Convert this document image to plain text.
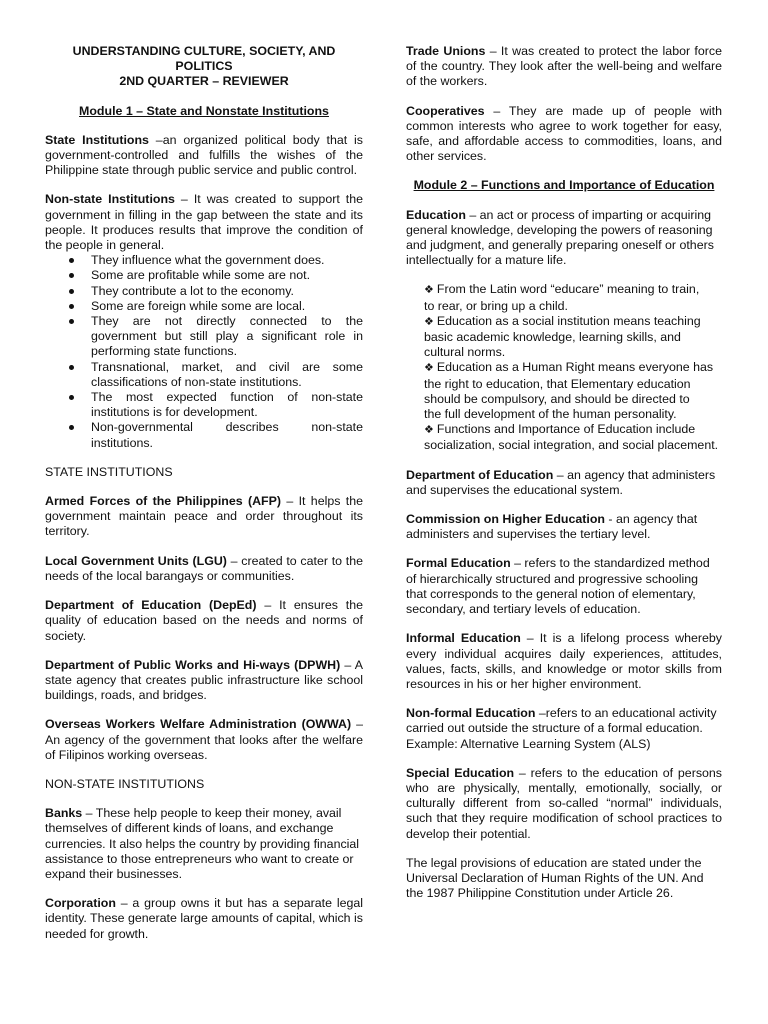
UNDERSTANDING CULTURE, SOCIETY, AND
POLITICS
2ND QUARTER – REVIEWER
Module 1 – State and Nonstate Institutions

State Institutions –an organized political body that is government-controlled and fulfills the wishes of the Philippine state through public service and public control.

Non-state Institutions – It was created to support the government in filling in the gap between the state and its people. It produces results that improve the condition of the people in general.

They influence what the government does.
Some are profitable while some are not.
They contribute a lot to the economy.
Some are foreign while some are local.
They are not directly connected to the government but still play a significant role in performing state functions.
Transnational, market, and civil are some classifications of non-state institutions.
The most expected function of non-state institutions is for development.
Non-governmental describes non-state institutions.
STATE INSTITUTIONS

Armed Forces of the Philippines (AFP) – It helps the government maintain peace and order throughout its territory.

Local Government Units (LGU) – created to cater to the needs of the local barangays or communities.

Department of Education (DepEd) – It ensures the quality of education based on the needs and norms of society.

Department of Public Works and Hi-ways (DPWH) – A state agency that creates public infrastructure like school buildings, roads, and bridges.

Overseas Workers Welfare Administration (OWWA) – An agency of the government that looks after the welfare of Filipinos working overseas.

NON-STATE INSTITUTIONS

Banks – These help people to keep their money, avail themselves of different kinds of loans, and exchange currencies. It also helps the country by providing financial assistance to those entrepreneurs who want to create or expand their businesses.

Corporation – a group owns it but has a separate legal identity. These generate large amounts of capital, which is needed for growth.

Trade Unions – It was created to protect the labor force of the country. They look after the well-being and welfare of the workers.

Cooperatives – They are made up of people with common interests who agree to work together for easy, safe, and affordable access to commodities, loans, and other services.

Module 2 – Functions and Importance of Education

Education – an act or process of imparting or acquiring general knowledge, developing the powers of reasoning and judgment, and generally preparing oneself or others intellectually for a mature life.

❖ From the Latin word “educare” meaning to train,
to rear, or bring up a child.
❖ Education as a social institution means teaching
basic academic knowledge, learning skills, and
cultural norms.
❖ Education as a Human Right means everyone has
the right to education, that Elementary education
should be compulsory, and should be directed to
the full development of the human personality.
❖ Functions and Importance of Education include
socialization, social integration, and social placement.

Department of Education – an agency that administers and supervises the educational system.

Commission on Higher Education - an agency that administers and supervises the tertiary level.

Formal Education – refers to the standardized method of hierarchically structured and progressive schooling that corresponds to the general notion of elementary, secondary, and tertiary levels of education.

Informal Education – It is a lifelong process whereby every individual acquires daily experiences, attitudes, values, facts, skills, and knowledge or motor skills from resources in his or her higher environment.

Non-formal Education –refers to an educational activity carried out outside the structure of a formal education. Example: Alternative Learning System (ALS)

Special Education – refers to the education of persons who are physically, mentally, emotionally, socially, or culturally different from so-called “normal” individuals, such that they require modification of school practices to develop their potential.

The legal provisions of education are stated under the Universal Declaration of Human Rights of the UN. And the 1987 Philippine Constitution under Article 26.
